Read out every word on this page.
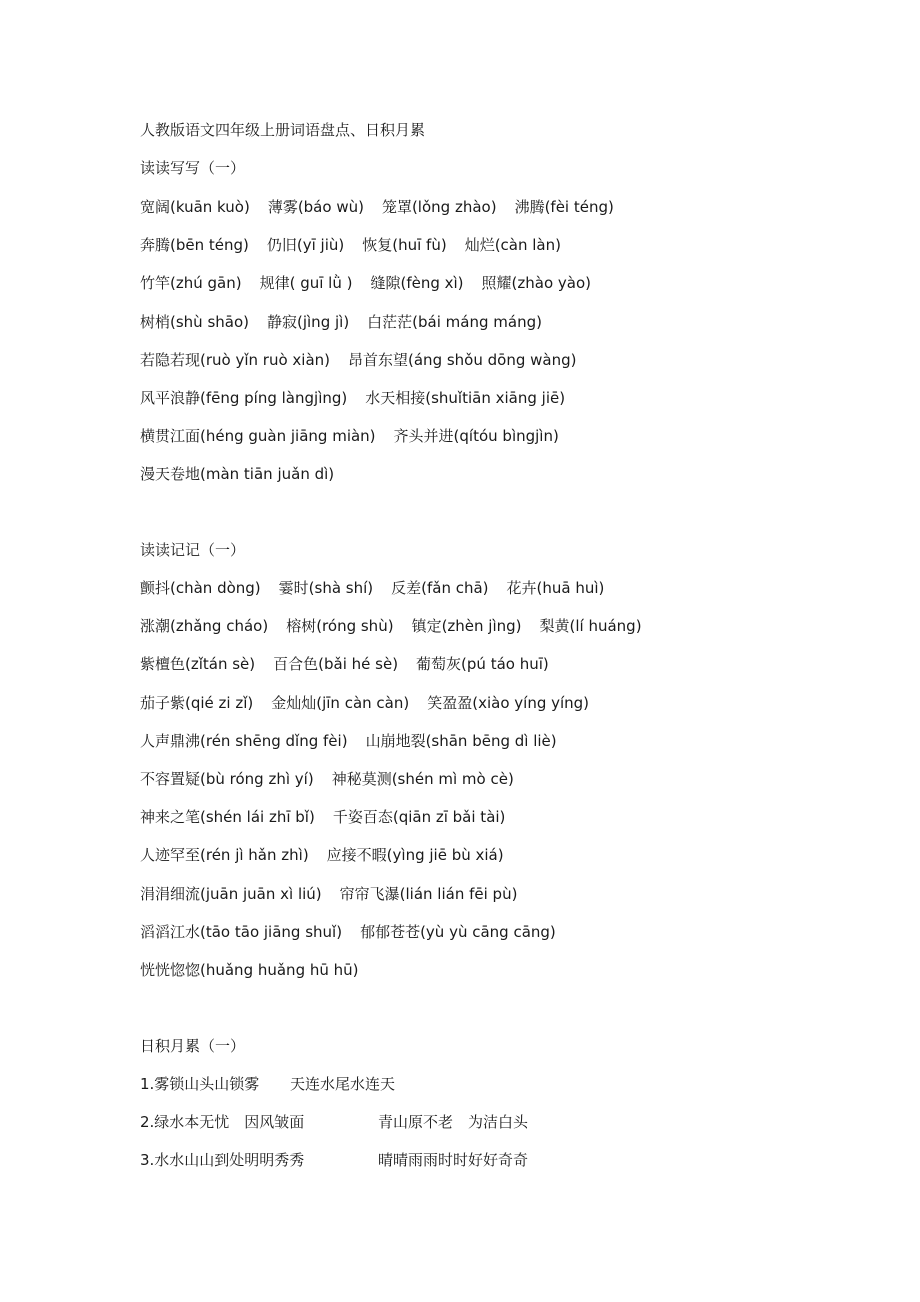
人教版语文四年级上册词语盘点、日积月累
读读写写（一）
宽阔(kuān kuò) 薄雾(báo wù) 笼罩(lǒng zhào) 沸腾(fèi téng)
奔腾(bēn téng) 仍旧(yī jiù) 恢复(huī fù) 灿烂(càn làn)
竹竿(zhú gān) 规律( guī lǜ ) 缝隙(fèng xì) 照耀(zhào yào)
树梢(shù shāo) 静寂(jìng jì) 白茫茫(bái máng máng)
若隐若现(ruò yǐn ruò xiàn) 昂首东望(áng shǒu dōng wàng)
风平浪静(fēng píng làngjìng) 水天相接(shuǐtiān xiāng jiē)
横贯江面(héng guàn jiāng miàn) 齐头并进(qítóu bìngjìn)
漫天卷地(màn tiān juǎn dì)
读读记记（一）
颤抖(chàn dòng) 霎时(shà shí) 反差(fǎn chā) 花卉(huā huì)
涨潮(zhǎng cháo) 榕树(róng shù) 镇定(zhèn jìng) 梨黄(lí huáng)
紫檀色(zǐtán sè) 百合色(bǎi hé sè) 葡萄灰(pú táo huī)
茄子紫(qié zi zǐ) 金灿灿(jīn càn càn) 笑盈盈(xiào yíng yíng)
人声鼎沸(rén shēng dǐng fèi) 山崩地裂(shān bēng dì liè)
不容置疑(bù róng zhì yí) 神秘莫测(shén mì mò cè)
神来之笔(shén lái zhī bǐ) 千姿百态(qiān zī bǎi tài)
人迹罕至(rén jì hǎn zhì) 应接不暇(yìng jiē bù xiá)
涓涓细流(juān juān xì liú) 帘帘飞瀑(lián lián fēi pù)
滔滔江水(tāo tāo jiāng shuǐ) 郁郁苍苍(yù yù cāng cāng)
恍恍惚惚(huǎng huǎng hū hū)
日积月累（一）
1.雾锁山头山锁雾 天连水尾水连天
2.绿水本无忧　因风皱面	青山原不老　为洁白头
3.水水山山到处明明秀秀	晴晴雨雨时时好好奇奇
